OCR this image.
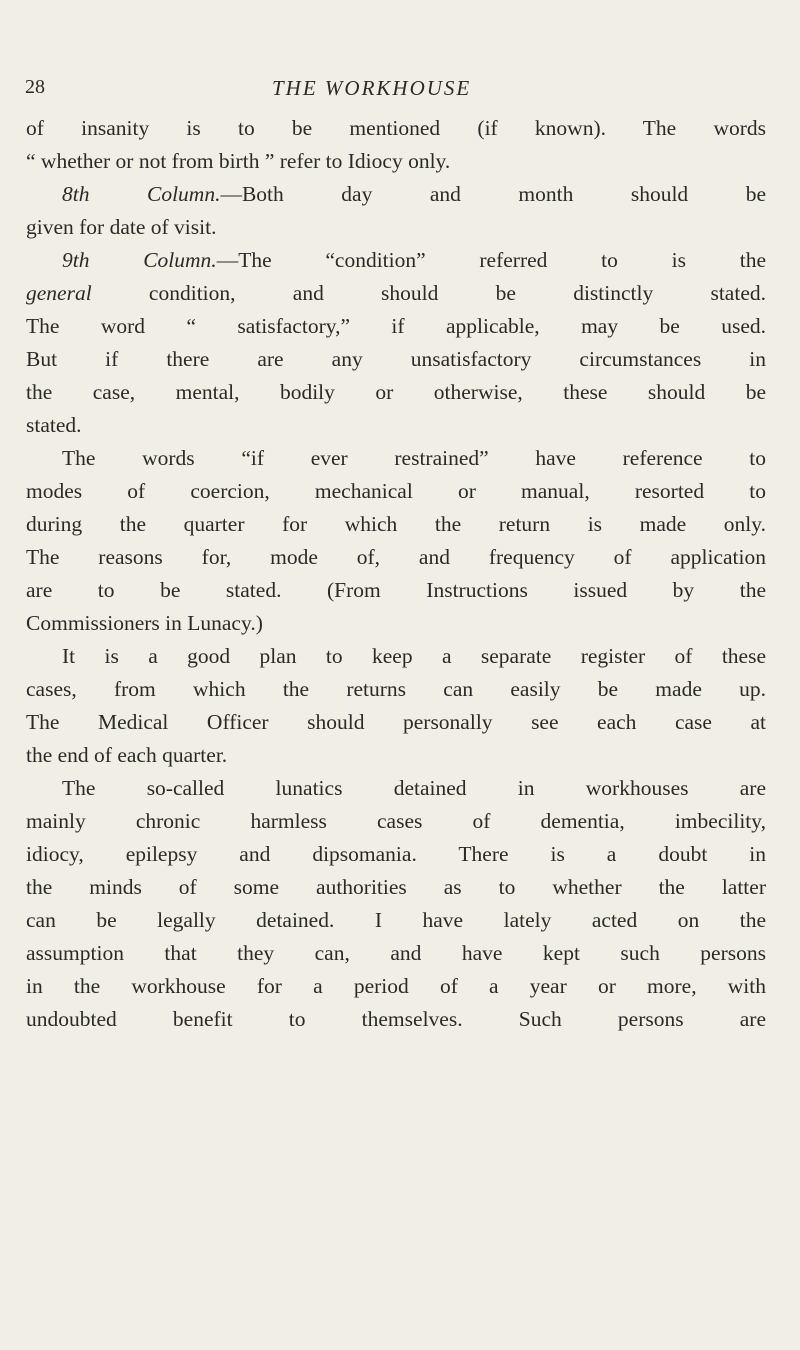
28	THE WORKHOUSE
of insanity is to be mentioned (if known). The words
“ whether or not from birth ” refer to Idiocy only.
8th Column.—Both day and month should be
given for date of visit.
9th Column.—The “condition” referred to is the
general condition, and should be distinctly stated.
The word “ satisfactory,” if applicable, may be used.
But if there are any unsatisfactory circumstances in
the case, mental, bodily or otherwise, these should be
stated.
The words “if ever restrained” have reference to
modes of coercion, mechanical or manual, resorted to
during the quarter for which the return is made only.
The reasons for, mode of, and frequency of application
are to be stated. (From Instructions issued by the
Commissioners in Lunacy.)
It is a good plan to keep a separate register of these
cases, from which the returns can easily be made up.
The Medical Officer should personally see each case at
the end of each quarter.
The so-called lunatics detained in workhouses are
mainly chronic harmless cases of dementia, imbecility,
idiocy, epilepsy and dipsomania. There is a doubt in
the minds of some authorities as to whether the latter
can be legally detained. I have lately acted on the
assumption that they can, and have kept such persons
in the workhouse for a period of a year or more, with
undoubted benefit to themselves. Such persons are
